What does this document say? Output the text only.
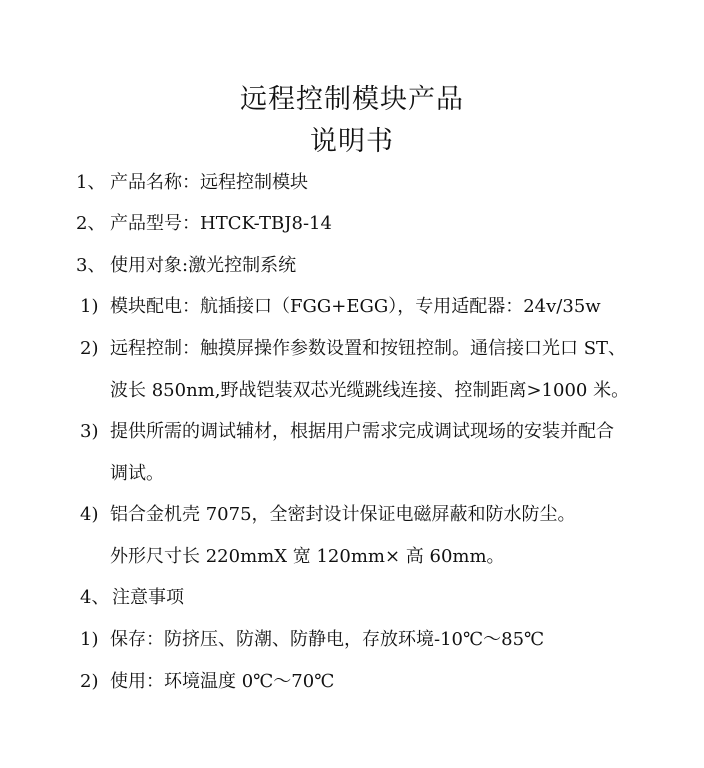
远程控制模块产品
说明书
1、 产品名称：远程控制模块
2、 产品型号：HTCK-TBJ8-14
3、 使用对象:激光控制系统
1) 模块配电：航插接口（FGG+EGG），专用适配器：24v/35w
2) 远程控制：触摸屏操作参数设置和按钮控制。通信接口光口 ST、
波长 850nm,野战铠装双芯光缆跳线连接、控制距离>1000 米。
3) 提供所需的调试辅材，根据用户需求完成调试现场的安装并配合
调试。
4) 铝合金机壳 7075，全密封设计保证电磁屏蔽和防水防尘。
外形尺寸长 220mmX 宽 120mm× 高 60mm。
4、 注意事项
1) 保存：防挤压、防潮、防静电，存放环境-10℃～85℃
2) 使用：环境温度 0℃～70℃
